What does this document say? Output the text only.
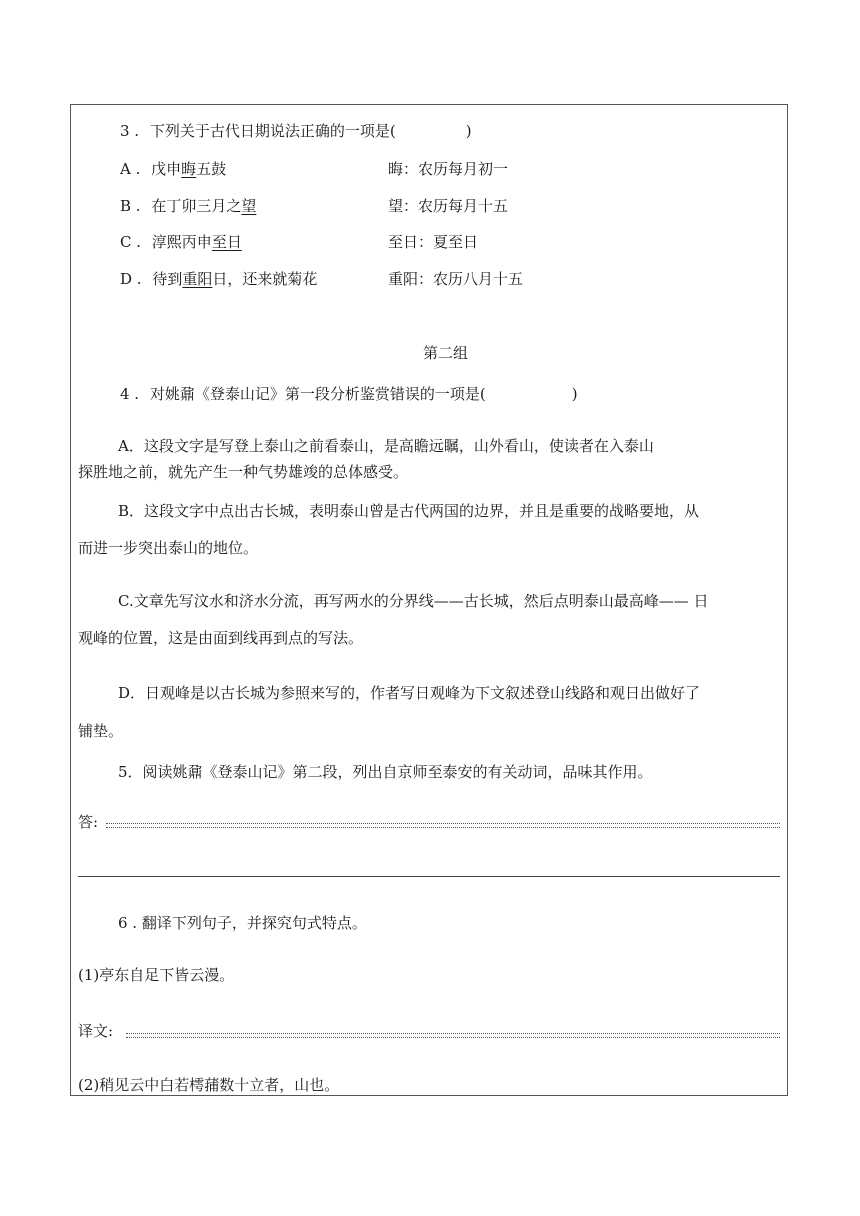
3 . 下列关于古代日期说法正确的一项是(	)
A . 戊申晦五鼓	晦：农历每月初一
B . 在丁卯三月之望	望：农历每月十五
C . 淳熙丙申至日	至日：夏至日
D . 待到重阳日，还来就菊花	重阳：农历八月十五
第二组
4 . 对姚鼐《登泰山记》第一段分析鉴赏错误的一项是(	)
A．这段文字是写登上泰山之前看泰山，是高瞻远瞩，山外看山，使读者在入泰山
探胜地之前，就先产生一种气势雄竣的总体感受。
B．这段文字中点出古长城，表明泰山曾是古代两国的边界，并且是重要的战略要地，从
而进一步突出泰山的地位。
C.文章先写汶水和济水分流，再写两水的分界线——古长城，然后点明泰山最高峰—— 日
观峰的位置，这是由面到线再到点的写法。
D．日观峰是以古长城为参照来写的，作者写日观峰为下文叙述登山线路和观日出做好了
铺垫。
5．阅读姚鼐《登泰山记》第二段，列出自京师至泰安的有关动词，品味其作用。
答:
6 . 翻译下列句子，并探究句式特点。
(1)亭东自足下皆云漫。
译文:
(2)稍见云中白若樗蒱数十立者，山也。
